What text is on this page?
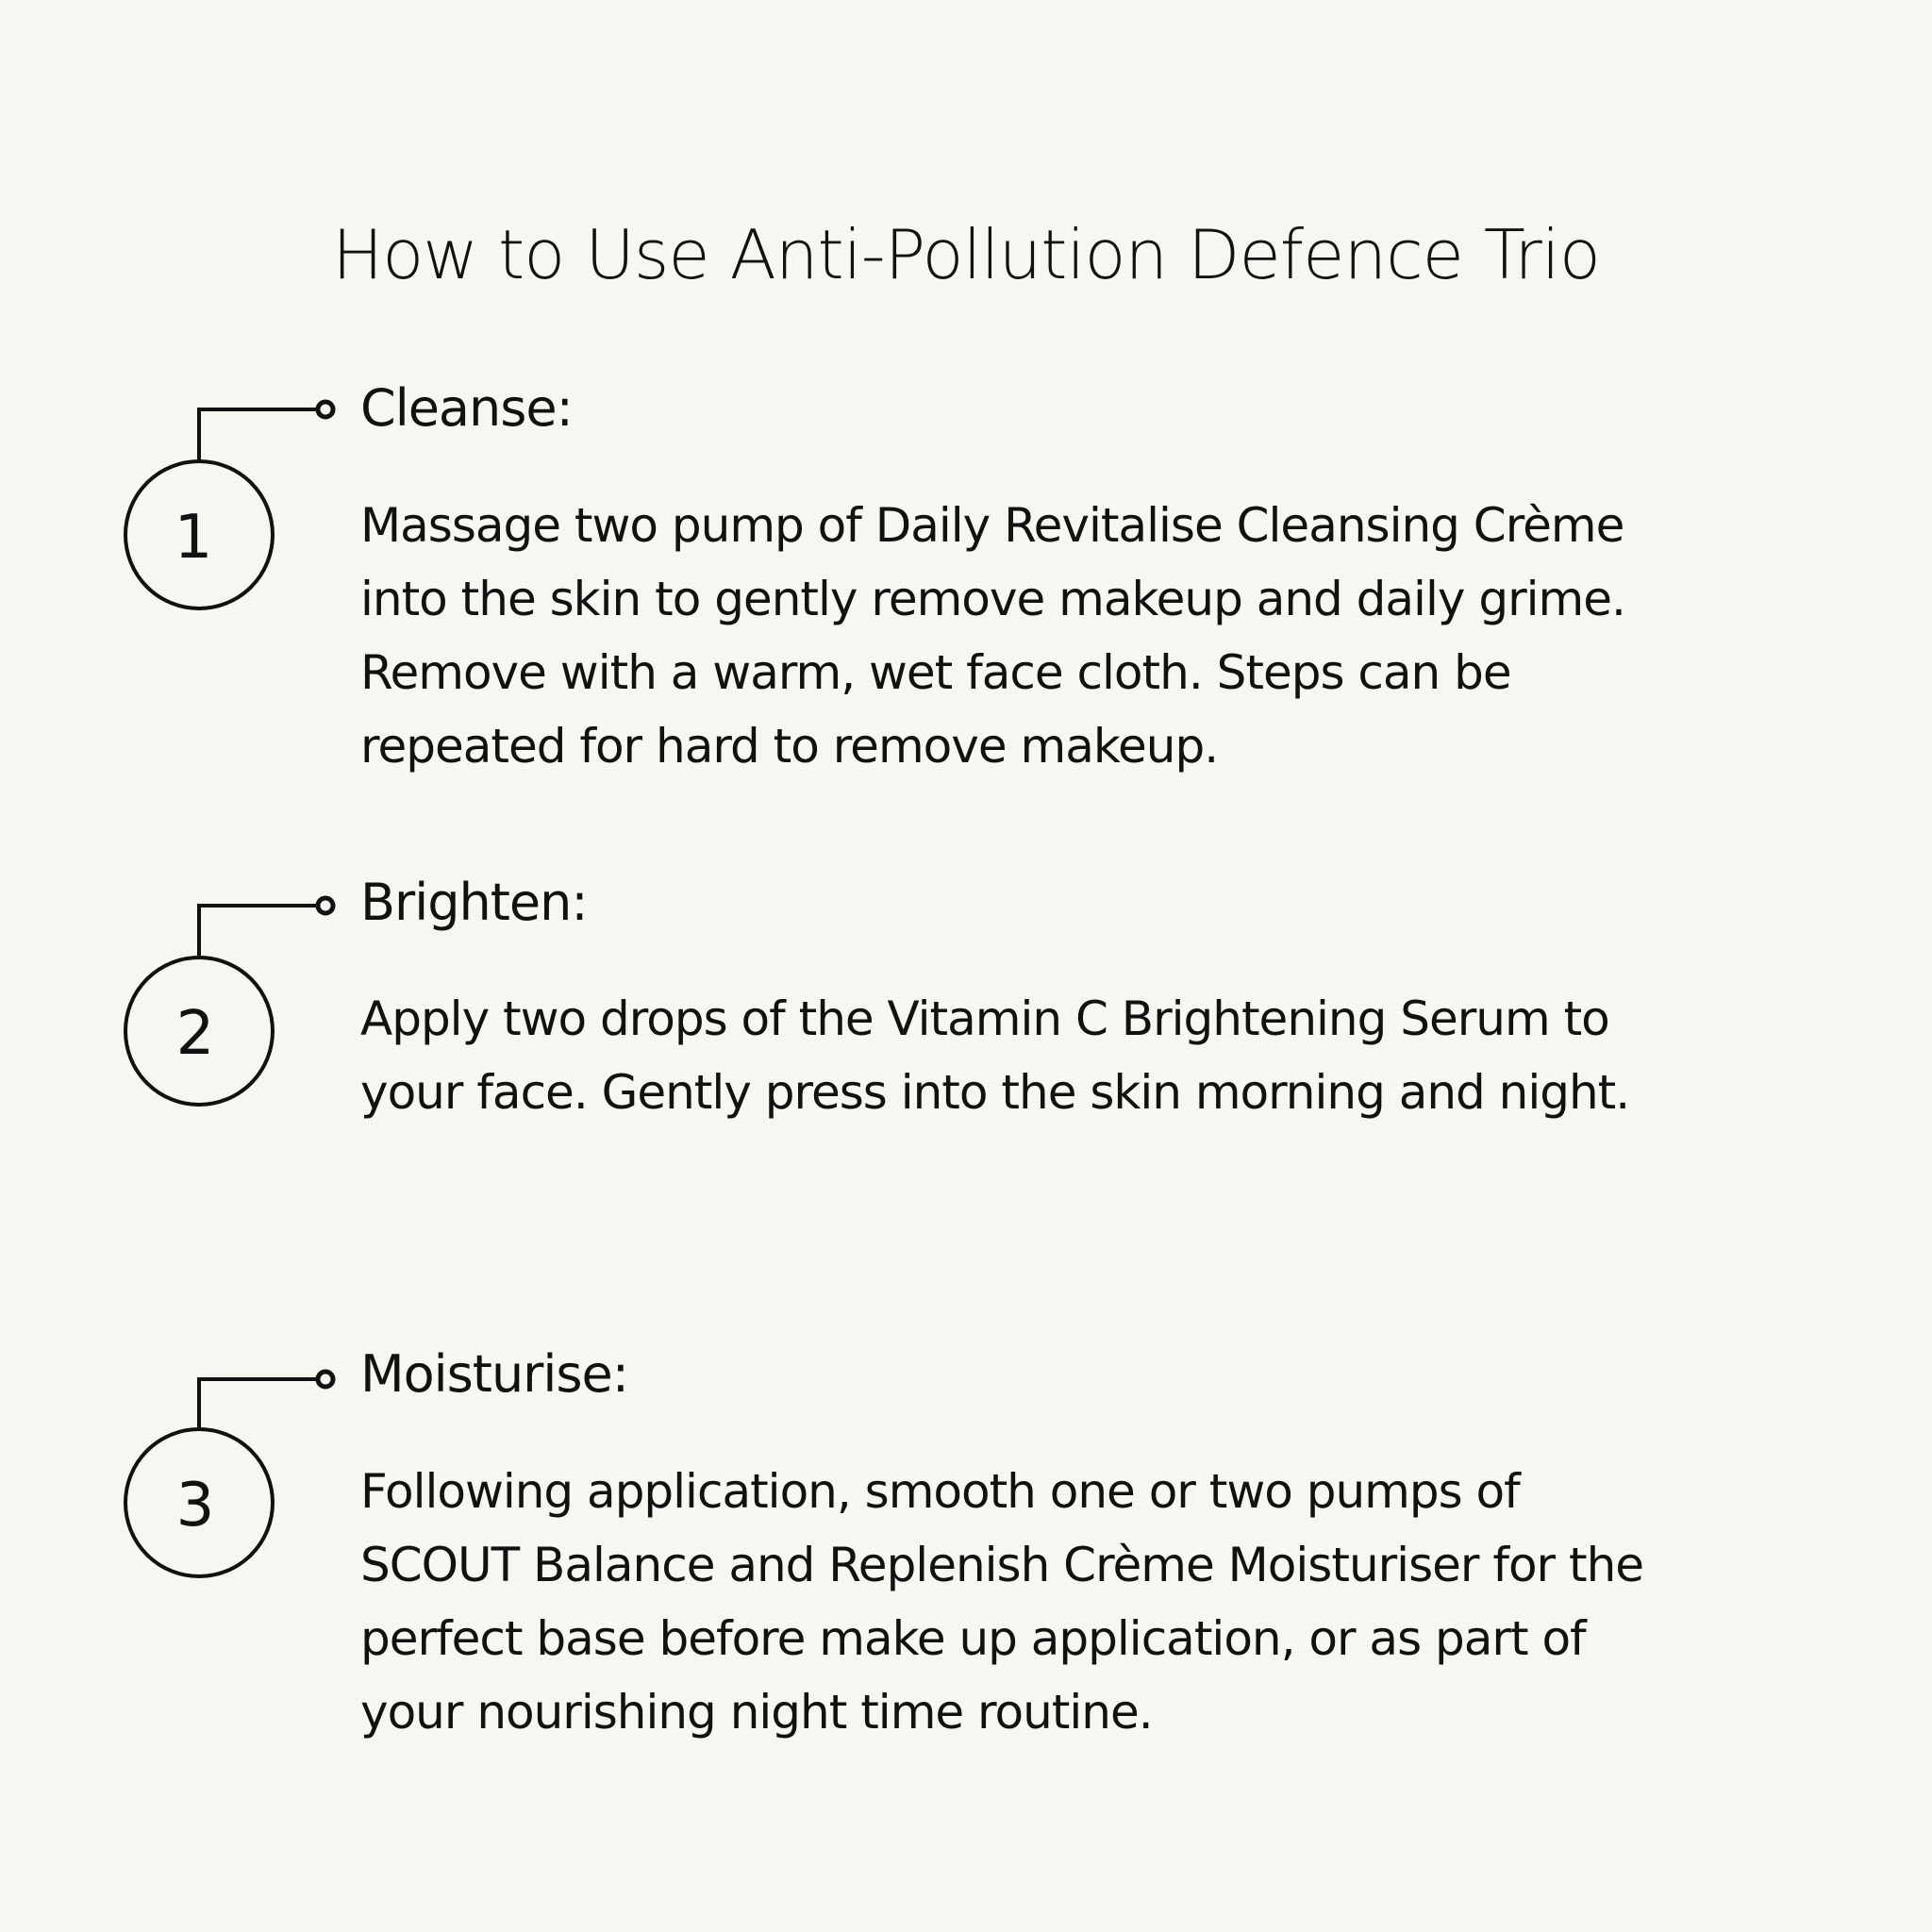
How to Use Anti-Pollution Defence Trio
1
Cleanse:
Massage two pump of Daily Revitalise Cleansing Crème
into the skin to gently remove makeup and daily grime.
Remove with a warm, wet face cloth. Steps can be
repeated for hard to remove makeup.
2
Brighten:
Apply two drops of the Vitamin C Brightening Serum to
your face. Gently press into the skin morning and night.
3
Moisturise:
Following application, smooth one or two pumps of
SCOUT Balance and Replenish Crème Moisturiser for the
perfect base before make up application, or as part of
your nourishing night time routine.
